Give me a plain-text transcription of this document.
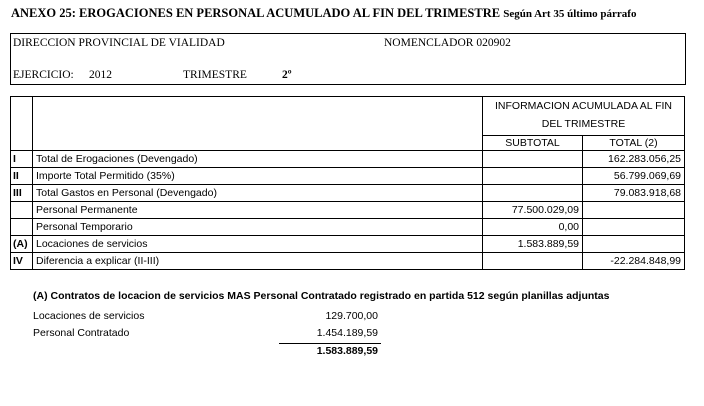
ANEXO 25: EROGACIONES EN PERSONAL ACUMULADO AL FIN DEL TRIMESTRE Según Art 35 último párrafo
DIRECCION PROVINCIAL DE VIALIDAD	NOMENCLADOR 020902
EJERCICIO: 2012	TRIMESTRE	2º

		INFORMACION ACUMULADA AL FIN
DEL TRIMESTRE	

		SUBTOTAL	TOTAL (2)
I	Total de Erogaciones (Devengado)		162.283.056,25
II	Importe Total Permitido (35%)		56.799.069,69
III	Total Gastos en Personal (Devengado)		79.083.918,68
	Personal Permanente	77.500.029,09	
	Personal Temporario	0,00	
(A)	Locaciones de servicios	1.583.889,59	
IV	Diferencia a explicar (II-III)		-22.284.848,99
(A) Contratos de locacion de servicios MAS Personal Contratado registrado en partida 512 según planillas adjuntas
Locaciones de servicios	129.700,00
Personal Contratado	1.454.189,59
1.583.889,59
